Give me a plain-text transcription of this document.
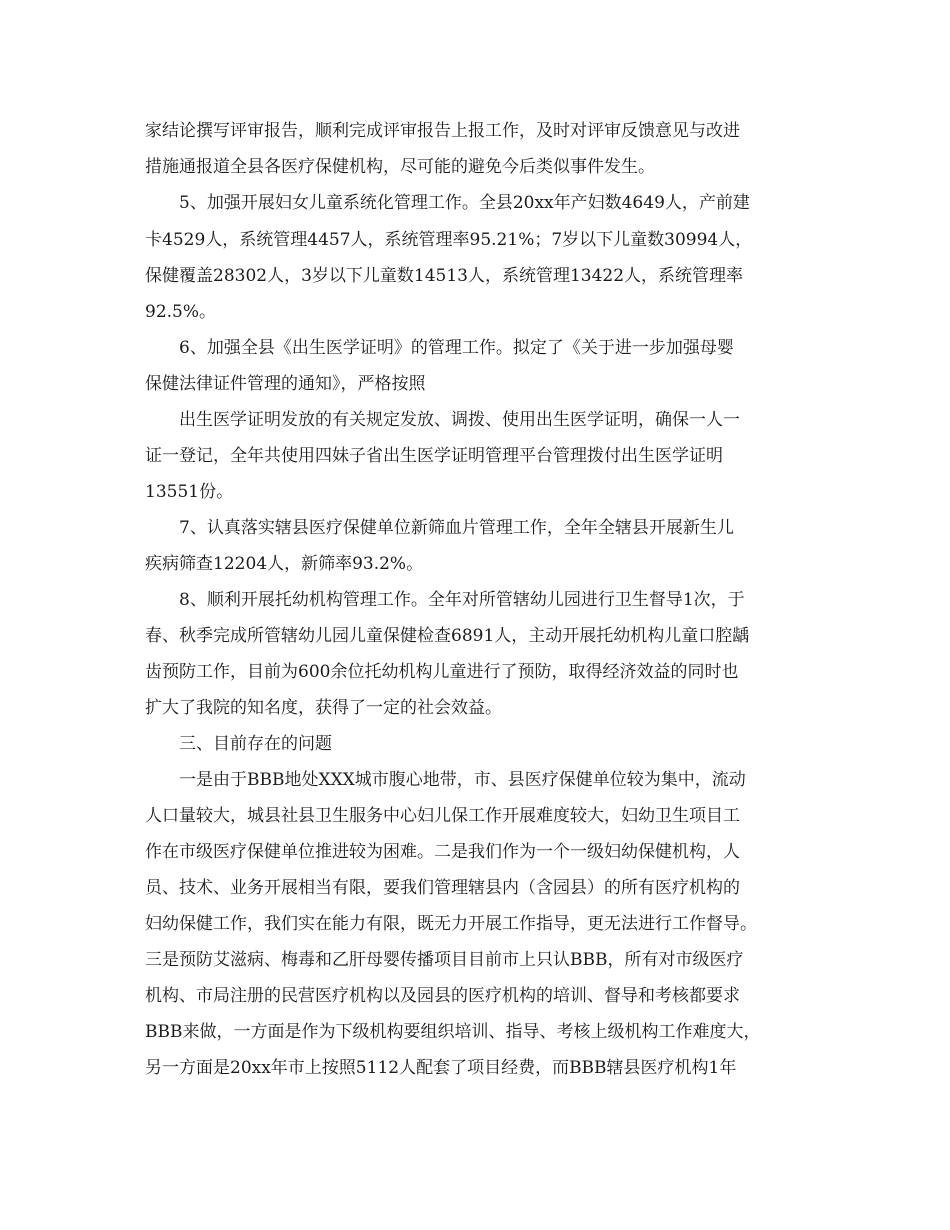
家结论撰写评审报告，顺利完成评审报告上报工作，及时对评审反馈意见与改进
措施通报道全县各医疗保健机构，尽可能的避免今后类似事件发生。
5、加强开展妇女儿童系统化管理工作。全县20xx年产妇数4649人，产前建
卡4529人，系统管理4457人，系统管理率95.21%；7岁以下儿童数30994人，
保健覆盖28302人，3岁以下儿童数14513人，系统管理13422人，系统管理率
92.5%。
6、加强全县《出生医学证明》的管理工作。拟定了《关于进一步加强母婴
保健法律证件管理的通知》，严格按照
出生医学证明发放的有关规定发放、调拨、使用出生医学证明，确保一人一
证一登记，全年共使用四妹子省出生医学证明管理平台管理拨付出生医学证明
13551份。
7、认真落实辖县医疗保健单位新筛血片管理工作，全年全辖县开展新生儿
疾病筛查12204人，新筛率93.2%。
8、顺利开展托幼机构管理工作。全年对所管辖幼儿园进行卫生督导1次，于
春、秋季完成所管辖幼儿园儿童保健检查6891人，主动开展托幼机构儿童口腔龋
齿预防工作，目前为600余位托幼机构儿童进行了预防，取得经济效益的同时也
扩大了我院的知名度，获得了一定的社会效益。
三、目前存在的问题
一是由于BBB地处XXX城市腹心地带，市、县医疗保健单位较为集中，流动
人口量较大，城县社县卫生服务中心妇儿保工作开展难度较大，妇幼卫生项目工
作在市级医疗保健单位推进较为困难。二是我们作为一个一级妇幼保健机构，人
员、技术、业务开展相当有限，要我们管理辖县内（含园县）的所有医疗机构的
妇幼保健工作，我们实在能力有限，既无力开展工作指导，更无法进行工作督导。
三是预防艾滋病、梅毒和乙肝母婴传播项目目前市上只认BBB，所有对市级医疗
机构、市局注册的民营医疗机构以及园县的医疗机构的培训、督导和考核都要求
BBB来做，一方面是作为下级机构要组织培训、指导、考核上级机构工作难度大，
另一方面是20xx年市上按照5112人配套了项目经费，而BBB辖县医疗机构1年
